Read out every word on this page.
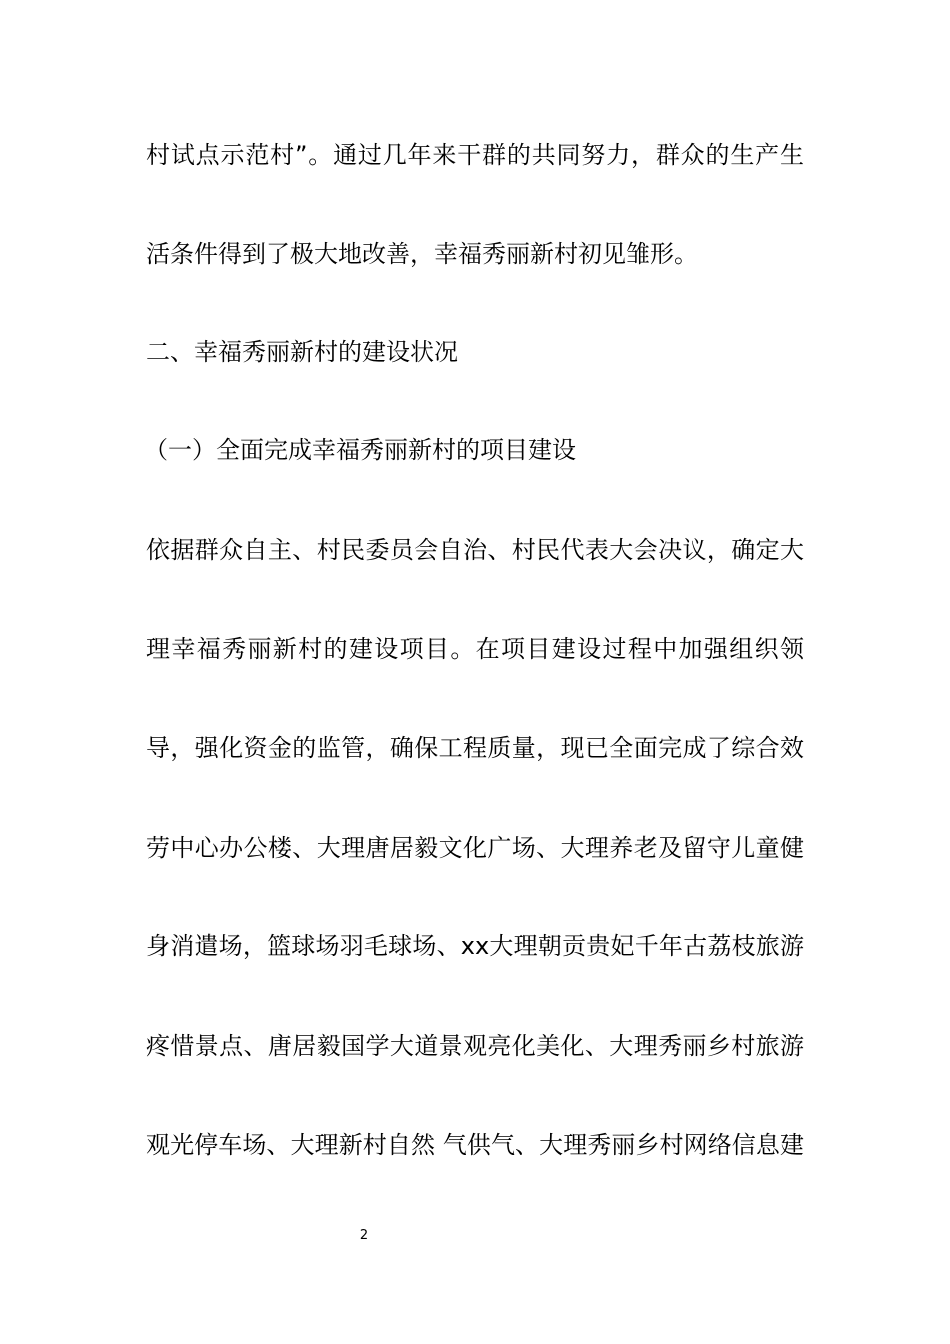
村试点示范村”。通过几年来干群的共同努力，群众的生产生

活条件得到了极大地改善，幸福秀丽新村初见雏形。

二、幸福秀丽新村的建设状况

（一）全面完成幸福秀丽新村的项目建设

依据群众自主、村民委员会自治、村民代表大会决议，确定大

理幸福秀丽新村的建设项目。在项目建设过程中加强组织领

导，强化资金的监管，确保工程质量，现已全面完成了综合效

劳中心办公楼、大理唐居毅文化广场、大理养老及留守儿童健

身消遣场，篮球场羽毛球场、xx大理朝贡贵妃千年古荔枝旅游

疼惜景点、唐居毅国学大道景观亮化美化、大理秀丽乡村旅游

观光停车场、大理新村自然 气供气、大理秀丽乡村网络信息建

2
